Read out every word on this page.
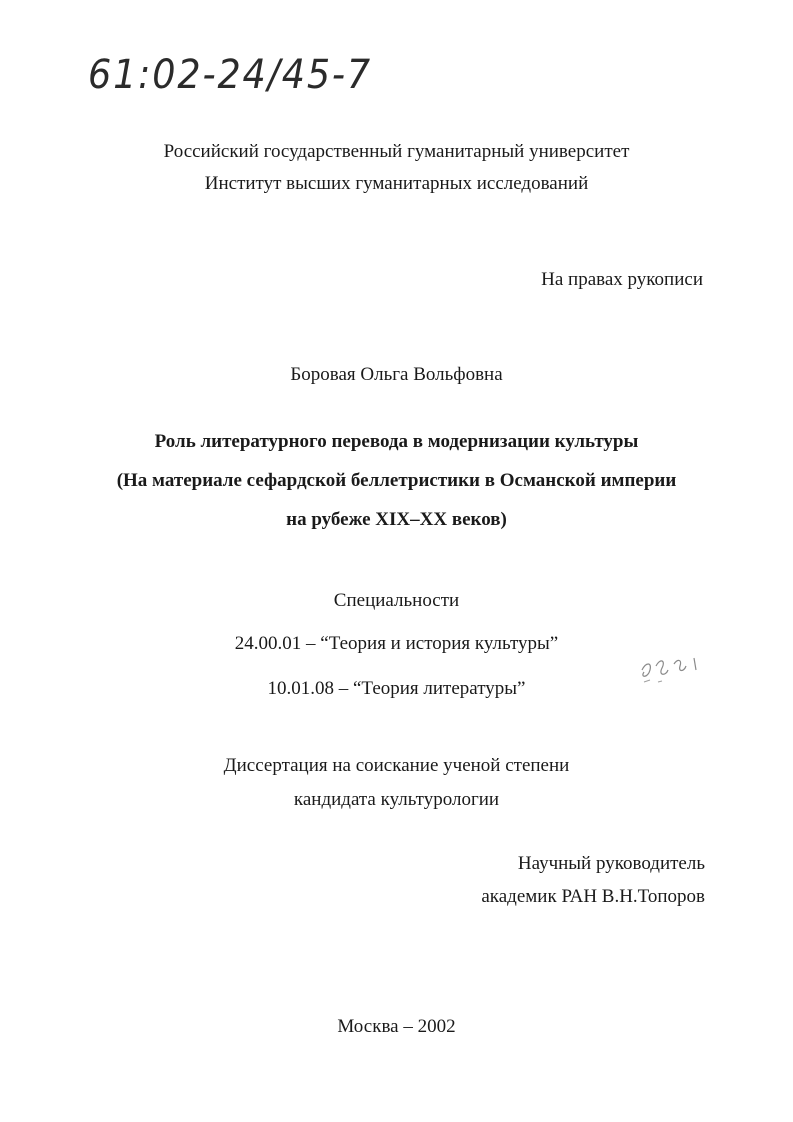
61:02-24/45-7
Российский государственный гуманитарный университет
Институт высших гуманитарных исследований
На правах рукописи
Боровая Ольга Вольфовна
Роль литературного перевода в модернизации культуры
(На материале сефардской беллетристики в Османской империи
на рубеже XIX–XX веков)
Специальности
24.00.01 – “Теория и история культуры”
10.01.08 – “Теория литературы”
Диссертация на соискание ученой степени
кандидата культурологии
Научный руководитель
академик РАН В.Н.Топоров
Москва – 2002
